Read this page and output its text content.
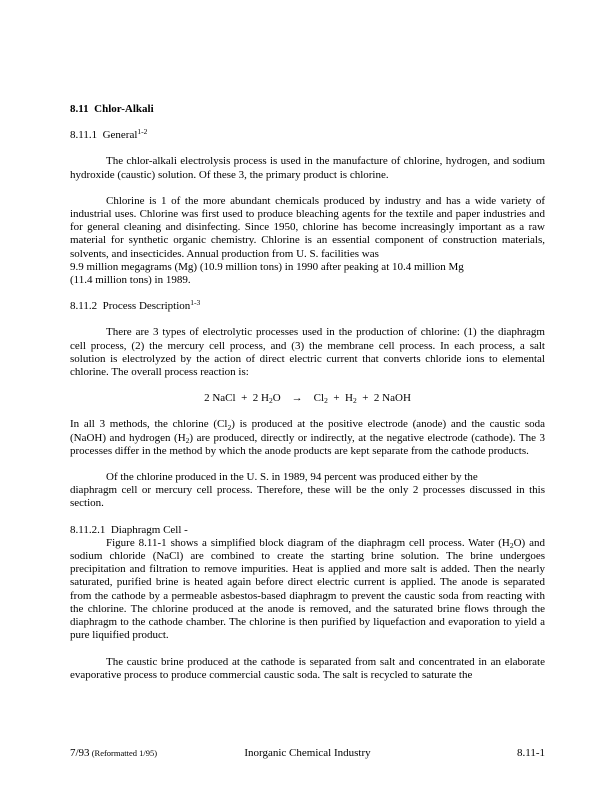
8.11  Chlor-Alkali
8.11.1  General$^{1-2}$

The chlor-alkali electrolysis process is used in the manufacture of chlorine, hydrogen, and sodium hydroxide (caustic) solution. Of these 3, the primary product is chlorine.

Chlorine is 1 of the more abundant chemicals produced by industry and has a wide variety of industrial uses. Chlorine was first used to produce bleaching agents for the textile and paper industries and for general cleaning and disinfecting. Since 1950, chlorine has become increasingly important as a raw material for synthetic organic chemistry. Chlorine is an essential component of construction materials, solvents, and insecticides. Annual production from U. S. facilities was
9.9 million megagrams (Mg) (10.9 million tons) in 1990 after peaking at 10.4 million Mg
(11.4 million tons) in 1989.

8.11.2  Process Description$^{1-3}$

There are 3 types of electrolytic processes used in the production of chlorine: (1) the diaphragm cell process, (2) the mercury cell process, and (3) the membrane cell process. In each process, a salt solution is electrolyzed by the action of direct electric current that converts chloride ions to elemental chlorine. The overall process reaction is:

2 NaCl  +  2 $H_2O$    →    $Cl_2 + H_2 + 2$ NaOH

In all 3 methods, the chlorine $(Cl_2)$ is produced at the positive electrode (anode) and the caustic soda (NaOH) and hydrogen $(H_2)$ are produced, directly or indirectly, at the negative electrode (cathode). The 3 processes differ in the method by which the anode products are kept separate from the cathode products.

Of the chlorine produced in the U. S. in 1989, 94 percent was produced either by the
diaphragm cell or mercury cell process. Therefore, these will be the only 2 processes discussed in this section.

8.11.2.1  Diaphragm Cell -

Figure 8.11-1 shows a simplified block diagram of the diaphragm cell process. Water $(H_2O)$ and sodium chloride (NaCl) are combined to create the starting brine solution. The brine undergoes precipitation and filtration to remove impurities. Heat is applied and more salt is added. Then the nearly saturated, purified brine is heated again before direct electric current is applied. The anode is separated from the cathode by a permeable asbestos-based diaphragm to prevent the caustic soda from reacting with the chlorine. The chlorine produced at the anode is removed, and the saturated brine flows through the diaphragm to the cathode chamber. The chlorine is then purified by liquefaction and evaporation to yield a pure liquified product.

The caustic brine produced at the cathode is separated from salt and concentrated in an elaborate evaporative process to produce commercial caustic soda. The salt is recycled to saturate the

7/93 (Reformatted 1/95)	Inorganic Chemical Industry	8.11-1
